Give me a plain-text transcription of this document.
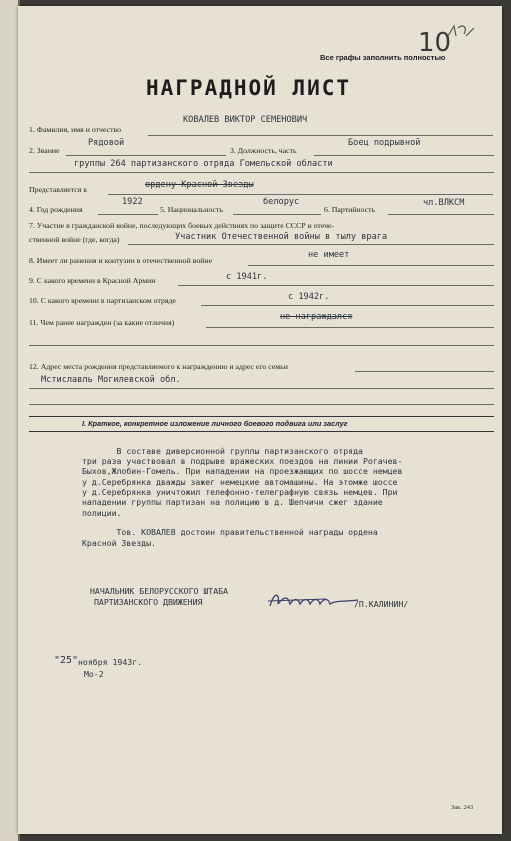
10
Все графы заполнить полностью
НАГРАДНОЙ ЛИСТ
1. Фамилия, имя и отчество
КОВАЛЕВ ВИКТОР СЕМЕНОВИЧ
2. Звание
Рядовой
3. Должность, часть
Боец подрывной
группы 264 партизанского отряда Гомельской области
Представляется к	ордену Красной Звезды
4. Год рождения
1922
5. Национальность
белорус
6. Партийность
чл.ВЛКСМ
7. Участие в гражданской войне, последующих боевых действиях по защите СССР и отече-
ственной войне (где, когда)	Участник Отечественной войны в тылу врага
8. Имеет ли ранения и контузии в отечественной войне
не имеет
9. С какого времени в Красной Армии	с 1941г.
10. С какого времени в партизанском отряде	с 1942г.
11. Чем ранее награжден (за какие отличия)
не награждался
12. Адрес места рождения представляемого к награждению и адрес его семьи
Мстиславль Могилевской обл.
I. Краткое, конкретное изложение личного боевого подвига или заслуг
В составе диверсионной группы партизанского отряда
три раза участвовал в подрыве вражеских поездов на линии Рогачев-
Быхов,Жлобин-Гомель. При нападении на проезжающих по шоссе немцев
у д.Серебрянка дважды зажег немецкие автомашины. На этомже шоссе
у д.Серебрянка уничтожил телефонно-телеграфную связь немцев. При
нападении группы партизан на полицию в д. Шепчичи сжег здание
полиции.
Тов. КОВАЛЕВ достоин правительственной награды ордена
Красной Звезды.
НАЧАЛЬНИК БЕЛОРУССКОГО ШТАБА
ПАРТИЗАНСКОГО ДВИЖЕНИЯ	/П.КАЛИНИН/
"25" ноября 1943г.
Мо-2
Зак. 243
